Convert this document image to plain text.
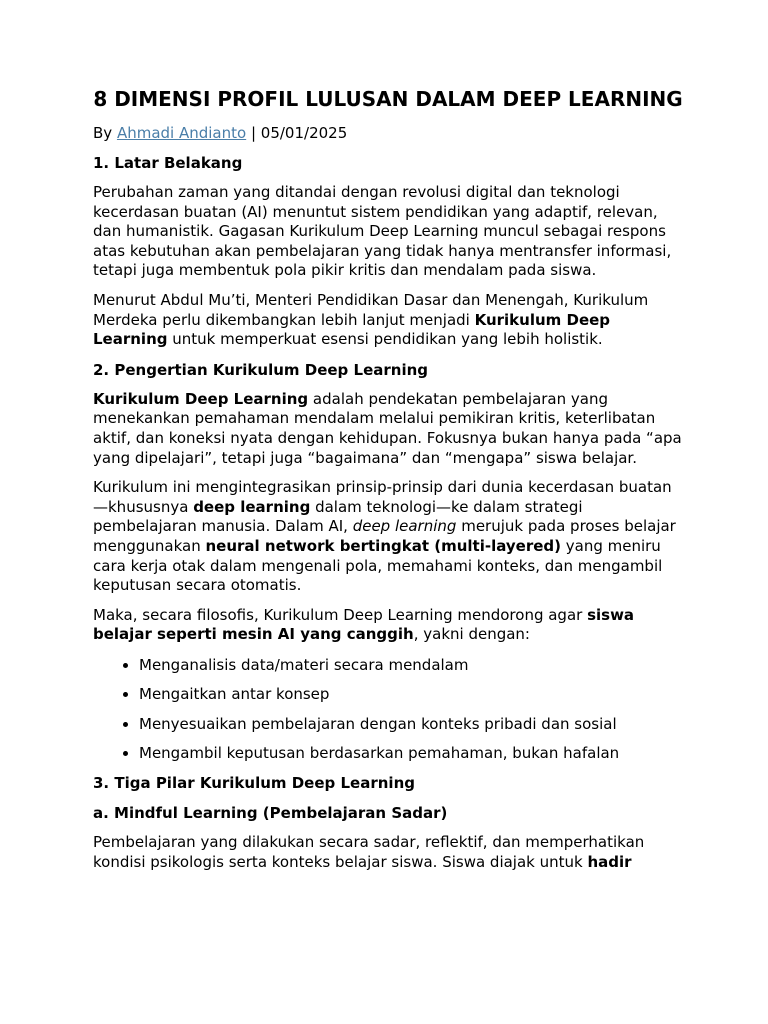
8 DIMENSI PROFIL LULUSAN DALAM DEEP LEARNING
By Ahmadi Andianto | 05/01/2025
1. Latar Belakang

Perubahan zaman yang ditandai dengan revolusi digital dan teknologi kecerdasan buatan (AI) menuntut sistem pendidikan yang adaptif, relevan, dan humanistik. Gagasan Kurikulum Deep Learning muncul sebagai respons atas kebutuhan akan pembelajaran yang tidak hanya mentransfer informasi, tetapi juga membentuk pola pikir kritis dan mendalam pada siswa.

Menurut Abdul Mu’ti, Menteri Pendidikan Dasar dan Menengah, Kurikulum Merdeka perlu dikembangkan lebih lanjut menjadi Kurikulum Deep Learning untuk memperkuat esensi pendidikan yang lebih holistik.

2. Pengertian Kurikulum Deep Learning

Kurikulum Deep Learning adalah pendekatan pembelajaran yang menekankan pemahaman mendalam melalui pemikiran kritis, keterlibatan aktif, dan koneksi nyata dengan kehidupan. Fokusnya bukan hanya pada “apa yang dipelajari”, tetapi juga “bagaimana” dan “mengapa” siswa belajar.

Kurikulum ini mengintegrasikan prinsip-prinsip dari dunia kecerdasan buatan—khususnya deep learning dalam teknologi—ke dalam strategi pembelajaran manusia. Dalam AI, deep learning merujuk pada proses belajar menggunakan neural network bertingkat (multi-layered) yang meniru cara kerja otak dalam mengenali pola, memahami konteks, dan mengambil keputusan secara otomatis.

Maka, secara filosofis, Kurikulum Deep Learning mendorong agar siswa belajar seperti mesin AI yang canggih, yakni dengan:

• Menganalisis data/materi secara mendalam
• Mengaitkan antar konsep
• Menyesuaikan pembelajaran dengan konteks pribadi dan sosial
• Mengambil keputusan berdasarkan pemahaman, bukan hafalan
3. Tiga Pilar Kurikulum Deep Learning
a. Mindful Learning (Pembelajaran Sadar)

Pembelajaran yang dilakukan secara sadar, reflektif, dan memperhatikan kondisi psikologis serta konteks belajar siswa. Siswa diajak untuk hadir
